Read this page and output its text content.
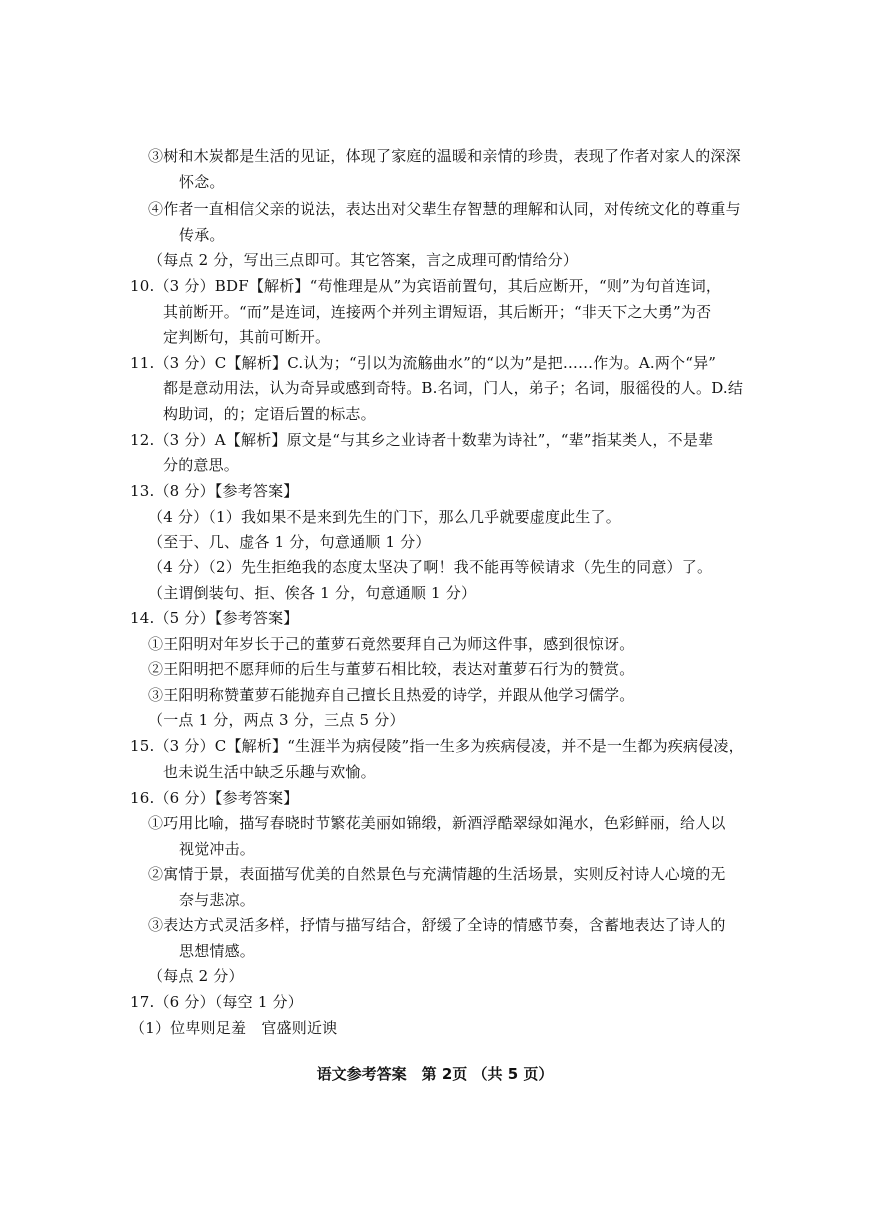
③树和木炭都是生活的见证，体现了家庭的温暖和亲情的珍贵，表现了作者对家人的深深
怀念。
④作者一直相信父亲的说法，表达出对父辈生存智慧的理解和认同，对传统文化的尊重与
传承。
（每点 2 分，写出三点即可。其它答案，言之成理可酌情给分）
10.（3 分）BDF【解析】“苟惟理是从”为宾语前置句，其后应断开，“则”为句首连词，
其前断开。“而”是连词，连接两个并列主谓短语，其后断开；“非天下之大勇”为否
定判断句，其前可断开。
11.（3 分）C【解析】C.认为；“引以为流觞曲水”的“以为”是把……作为。A.两个“异”
都是意动用法，认为奇异或感到奇特。B.名词，门人，弟子；名词，服徭役的人。D.结
构助词，的；定语后置的标志。
12.（3 分）A【解析】原文是“与其乡之业诗者十数辈为诗社”，“辈”指某类人，不是辈
分的意思。
13.（8 分）【参考答案】
（4 分）（1）我如果不是来到先生的门下，那么几乎就要虚度此生了。
（至于、几、虚各 1 分，句意通顺 1 分）
（4 分）（2）先生拒绝我的态度太坚决了啊！我不能再等候请求（先生的同意）了。
（主谓倒装句、拒、俟各 1 分，句意通顺 1 分）
14.（5 分）【参考答案】
①王阳明对年岁长于己的董萝石竟然要拜自己为师这件事，感到很惊讶。
②王阳明把不愿拜师的后生与董萝石相比较，表达对董萝石行为的赞赏。
③王阳明称赞董萝石能抛弃自己擅长且热爱的诗学，并跟从他学习儒学。
（一点 1 分，两点 3 分，三点 5 分）
15.（3 分）C【解析】“生涯半为病侵陵”指一生多为疾病侵凌，并不是一生都为疾病侵凌，
也未说生活中缺乏乐趣与欢愉。
16.（6 分）【参考答案】
①巧用比喻，描写春晓时节繁花美丽如锦缎，新酒浮酷翠绿如渑水，色彩鲜丽，给人以
视觉冲击。
②寓情于景，表面描写优美的自然景色与充满情趣的生活场景，实则反衬诗人心境的无
奈与悲凉。
③表达方式灵活多样，抒情与描写结合，舒缓了全诗的情感节奏，含蓄地表达了诗人的
思想情感。
（每点 2 分）
17.（6 分）（每空 1 分）
（1）位卑则足羞　官盛则近谀
语文参考答案　第 2页 （共 5 页）
